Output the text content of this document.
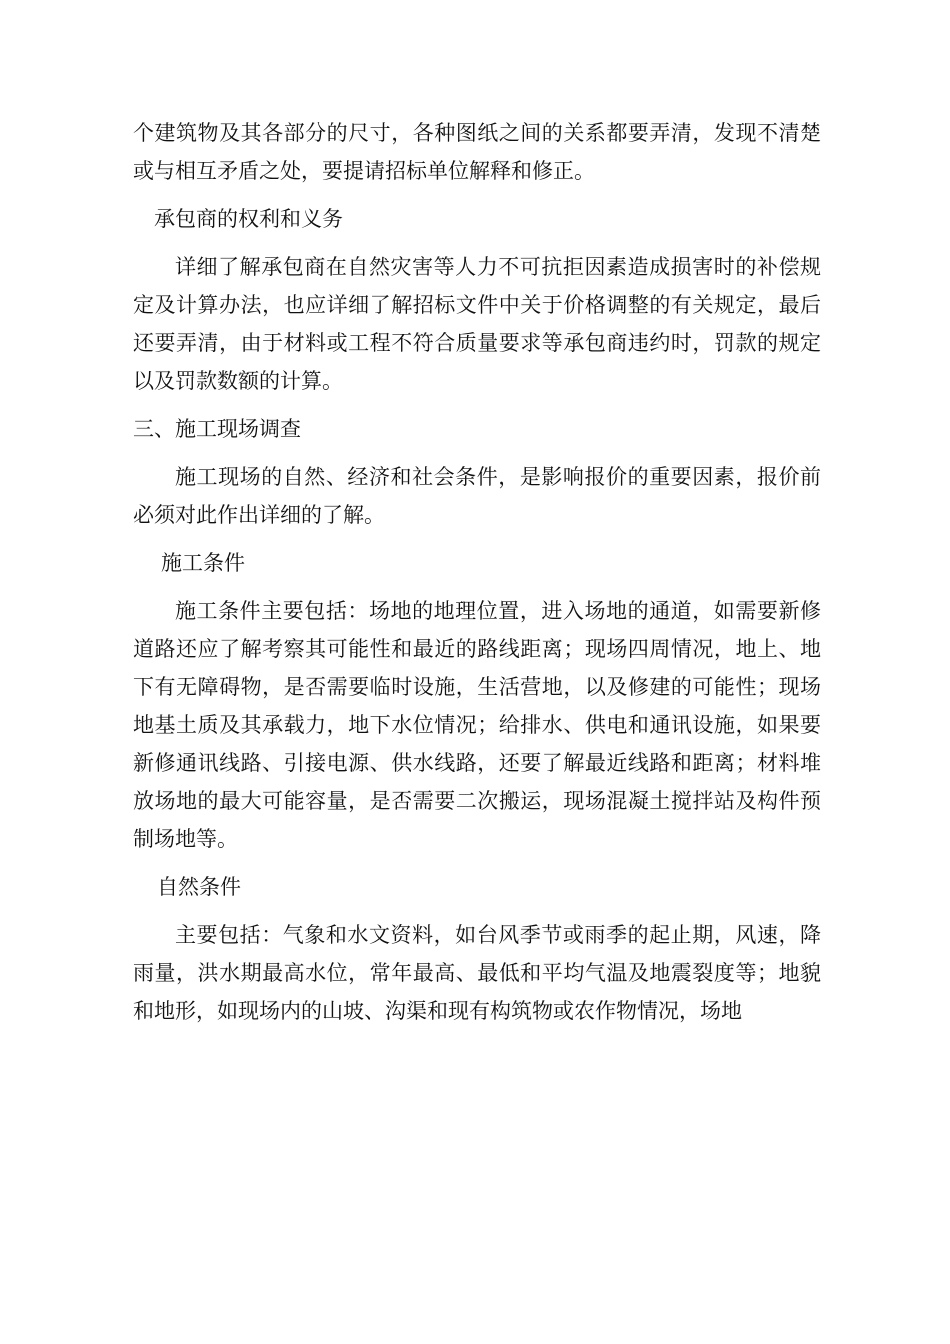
个建筑物及其各部分的尺寸，各种图纸之间的关系都要弄清，发现不清楚或与相互矛盾之处，要提请招标单位解释和修正。

承包商的权利和义务

详细了解承包商在自然灾害等人力不可抗拒因素造成损害时的补偿规定及计算办法，也应详细了解招标文件中关于价格调整的有关规定，最后还要弄清，由于材料或工程不符合质量要求等承包商违约时，罚款的规定以及罚款数额的计算。

三、施工现场调查

施工现场的自然、经济和社会条件，是影响报价的重要因素，报价前必须对此作出详细的了解。

施工条件

施工条件主要包括：场地的地理位置，进入场地的通道，如需要新修道路还应了解考察其可能性和最近的路线距离；现场四周情况，地上、地下有无障碍物，是否需要临时设施，生活营地，以及修建的可能性；现场地基土质及其承载力，地下水位情况；给排水、供电和通讯设施，如果要新修通讯线路、引接电源、供水线路，还要了解最近线路和距离；材料堆放场地的最大可能容量，是否需要二次搬运，现场混凝土搅拌站及构件预制场地等。

自然条件

主要包括：气象和水文资料，如台风季节或雨季的起止期，风速，降雨量，洪水期最高水位，常年最高、最低和平均气温及地震裂度等；地貌和地形，如现场内的山坡、沟渠和现有构筑物或农作物情况，场地
